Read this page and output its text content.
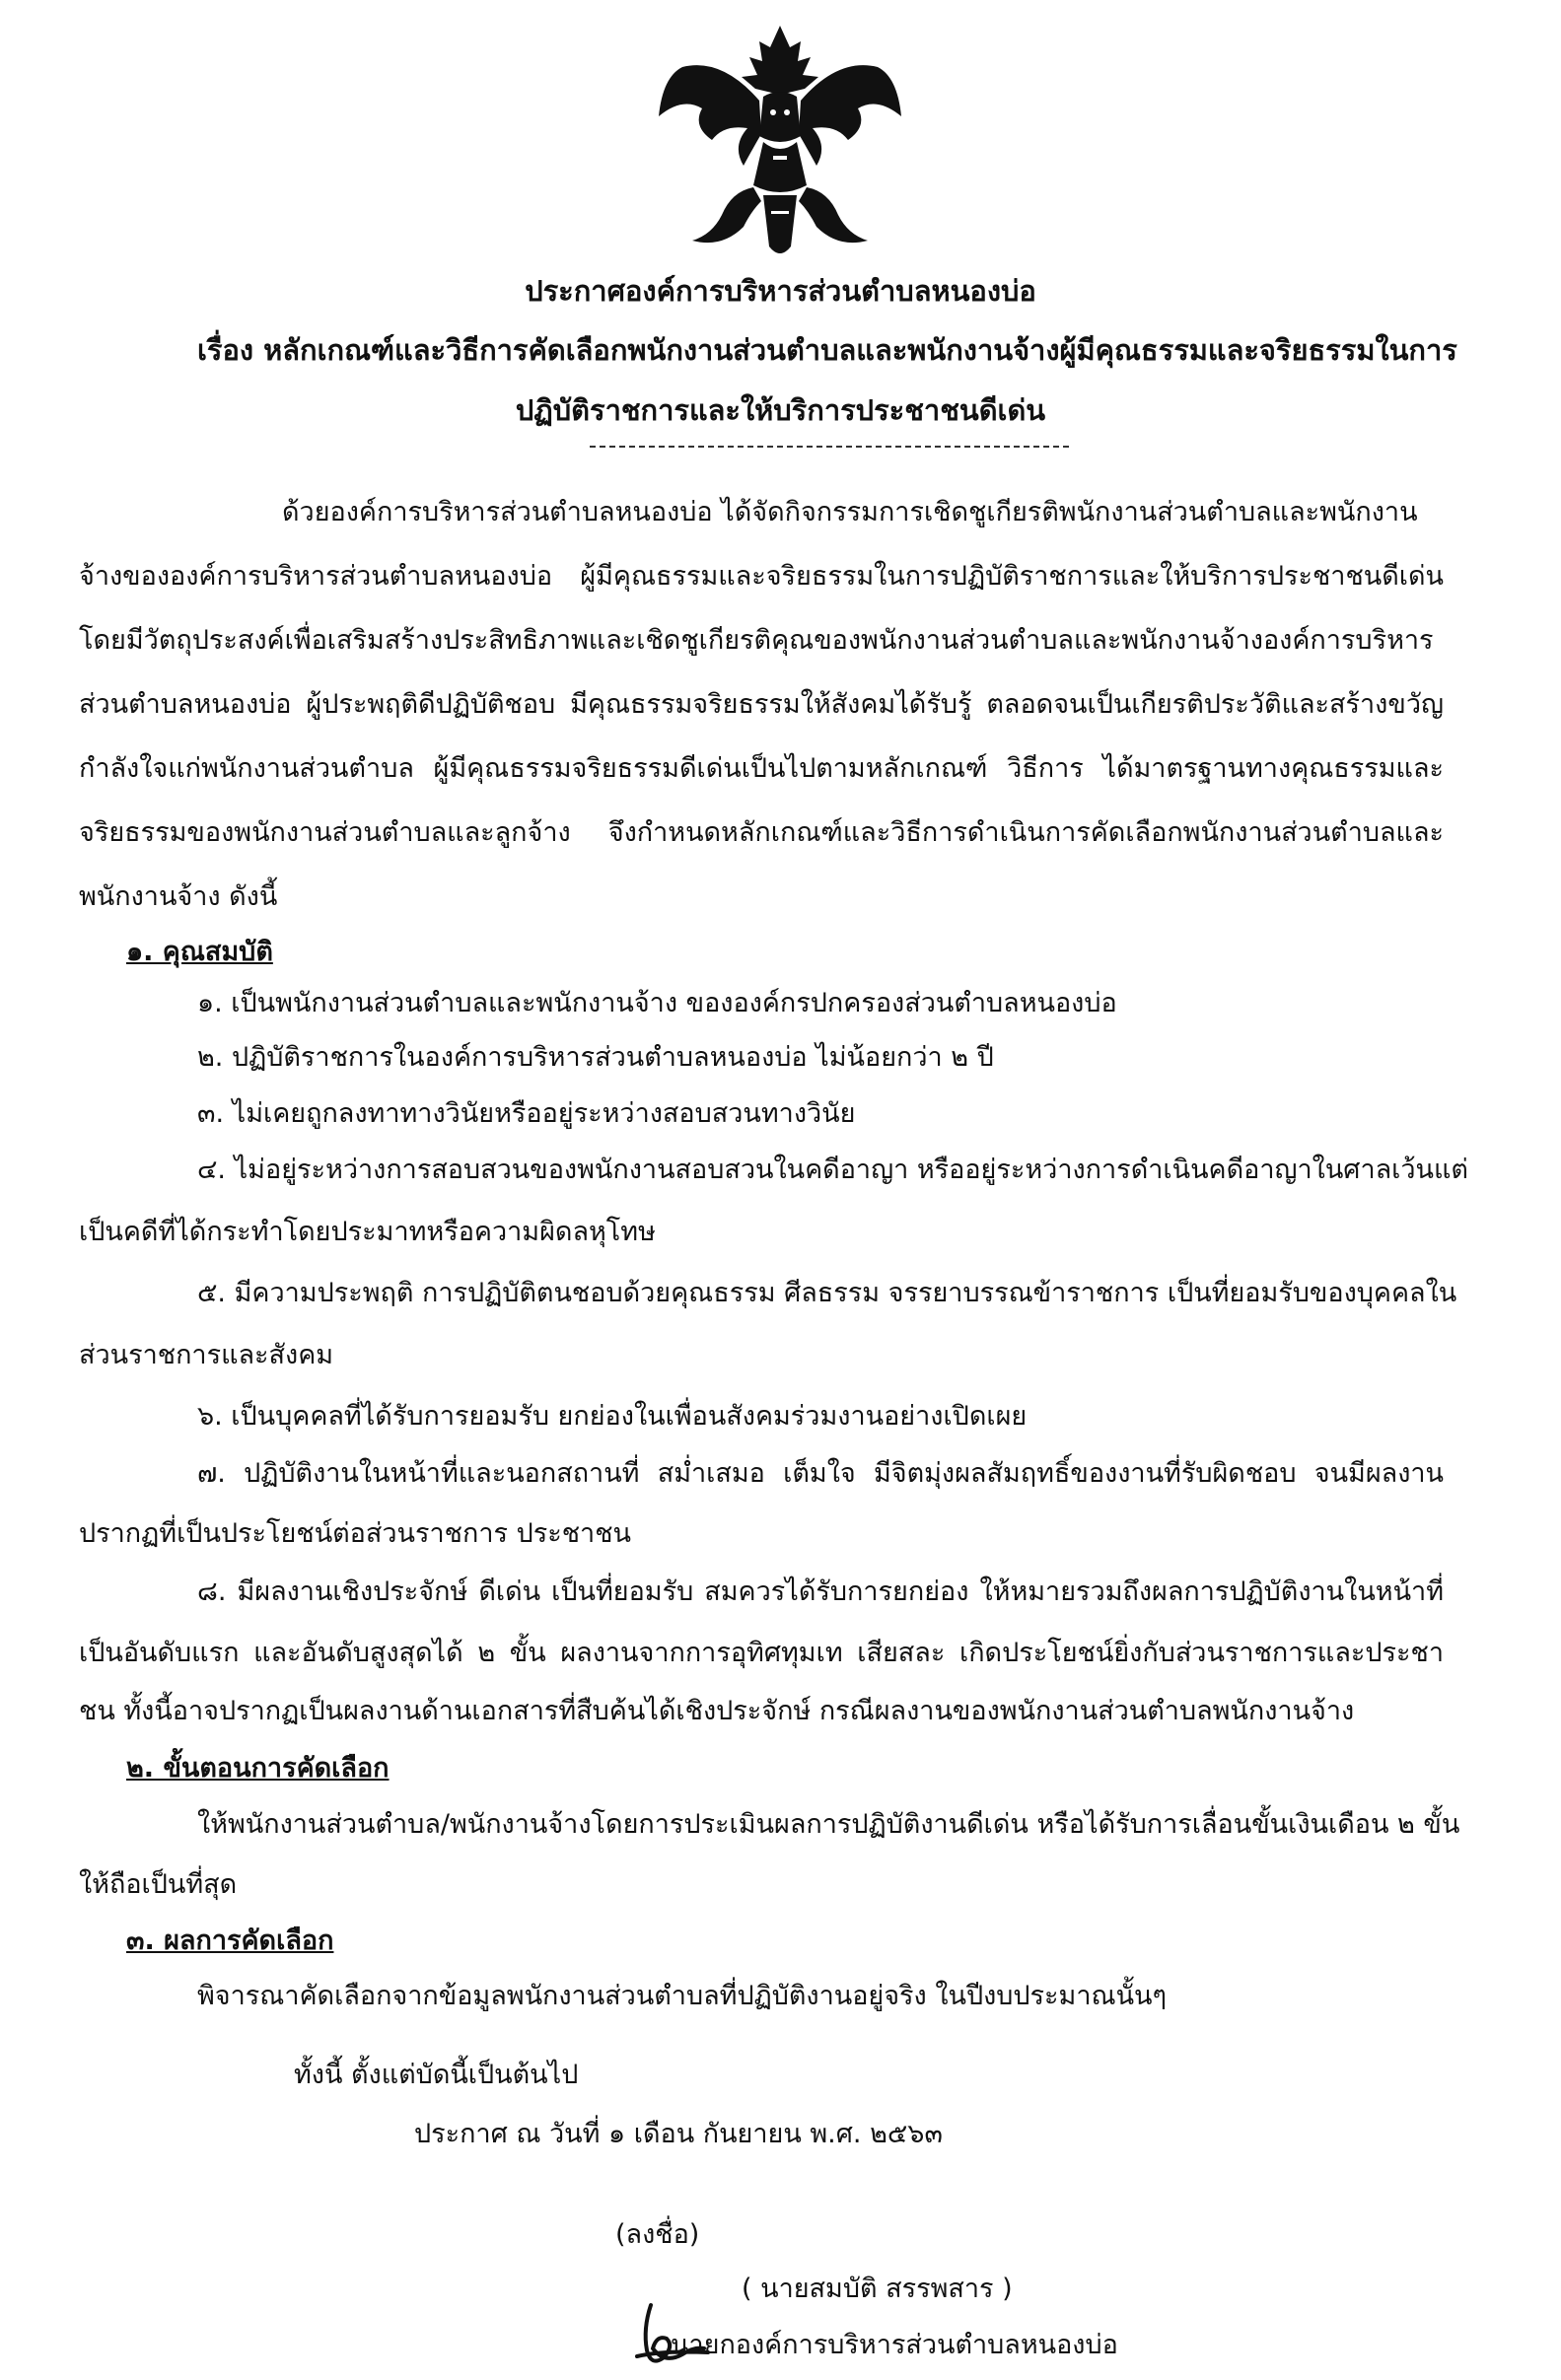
ประกาศองค์การบริหารส่วนตำบลหนองบ่อ
เรื่อง หลักเกณฑ์และวิธีการคัดเลือกพนักงานส่วนตำบลและพนักงานจ้างผู้มีคุณธรรมและจริยธรรมในการ
ปฏิบัติราชการและให้บริการประชาชนดีเด่น
ด้วยองค์การบริหารส่วนตำบลหนองบ่อ ได้จัดกิจกรรมการเชิดชูเกียรติพนักงานส่วนตำบลและพนักงาน
จ้างขององค์การบริหารส่วนตำบลหนองบ่อ ผู้มีคุณธรรมและจริยธรรมในการปฏิบัติราชการและให้บริการประชาชนดีเด่น
โดยมีวัตถุประสงค์เพื่อเสริมสร้างประสิทธิภาพและเชิดชูเกียรติคุณของพนักงานส่วนตำบลและพนักงานจ้างองค์การบริหาร
ส่วนตำบลหนองบ่อ ผู้ประพฤติดีปฏิบัติชอบ มีคุณธรรมจริยธรรมให้สังคมได้รับรู้ ตลอดจนเป็นเกียรติประวัติและสร้างขวัญ
กำลังใจแก่พนักงานส่วนตำบล ผู้มีคุณธรรมจริยธรรมดีเด่นเป็นไปตามหลักเกณฑ์ วิธีการ ได้มาตรฐานทางคุณธรรมและ
จริยธรรมของพนักงานส่วนตำบลและลูกจ้าง จึงกำหนดหลักเกณฑ์และวิธีการดำเนินการคัดเลือกพนักงานส่วนตำบลและ
พนักงานจ้าง ดังนี้
๑. คุณสมบัติ
๑. เป็นพนักงานส่วนตำบลและพนักงานจ้าง ขององค์กรปกครองส่วนตำบลหนองบ่อ
๒. ปฏิบัติราชการในองค์การบริหารส่วนตำบลหนองบ่อ ไม่น้อยกว่า ๒ ปี
๓. ไม่เคยถูกลงทาทางวินัยหรืออยู่ระหว่างสอบสวนทางวินัย
๔. ไม่อยู่ระหว่างการสอบสวนของพนักงานสอบสวนในคดีอาญา หรืออยู่ระหว่างการดำเนินคดีอาญาในศาลเว้นแต่
เป็นคดีที่ได้กระทำโดยประมาทหรือความผิดลหุโทษ
๕. มีความประพฤติ การปฏิบัติตนชอบด้วยคุณธรรม ศีลธรรม จรรยาบรรณข้าราชการ เป็นที่ยอมรับของบุคคลใน
ส่วนราชการและสังคม
๖. เป็นบุคคลที่ได้รับการยอมรับ ยกย่องในเพื่อนสังคมร่วมงานอย่างเปิดเผย
๗. ปฏิบัติงานในหน้าที่และนอกสถานที่ สม่ำเสมอ เต็มใจ มีจิตมุ่งผลสัมฤทธิ์ของงานที่รับผิดชอบ จนมีผลงาน
ปรากฏที่เป็นประโยชน์ต่อส่วนราชการ ประชาชน
๘. มีผลงานเชิงประจักษ์ ดีเด่น เป็นที่ยอมรับ สมควรได้รับการยกย่อง ให้หมายรวมถึงผลการปฏิบัติงานในหน้าที่
เป็นอันดับแรก และอันดับสูงสุดได้ ๒ ขั้น ผลงานจากการอุทิศทุมเท เสียสละ เกิดประโยชน์ยิ่งกับส่วนราชการและประชา
ชน ทั้งนี้อาจปรากฏเป็นผลงานด้านเอกสารที่สืบค้นได้เชิงประจักษ์ กรณีผลงานของพนักงานส่วนตำบลพนักงานจ้าง
๒. ขั้นตอนการคัดเลือก
ให้พนักงานส่วนตำบล/พนักงานจ้างโดยการประเมินผลการปฏิบัติงานดีเด่น หรือได้รับการเลื่อนขั้นเงินเดือน ๒ ขั้น
ให้ถือเป็นที่สุด
๓. ผลการคัดเลือก
พิจารณาคัดเลือกจากข้อมูลพนักงานส่วนตำบลที่ปฏิบัติงานอยู่จริง ในปีงบประมาณนั้นๆ
ทั้งนี้ ตั้งแต่บัดนี้เป็นต้นไป
ประกาศ ณ วันที่ ๑ เดือน กันยายน พ.ศ. ๒๕๖๓
(ลงชื่อ)
( นายสมบัติ สรรพสาร )
นายกองค์การบริหารส่วนตำบลหนองบ่อ
